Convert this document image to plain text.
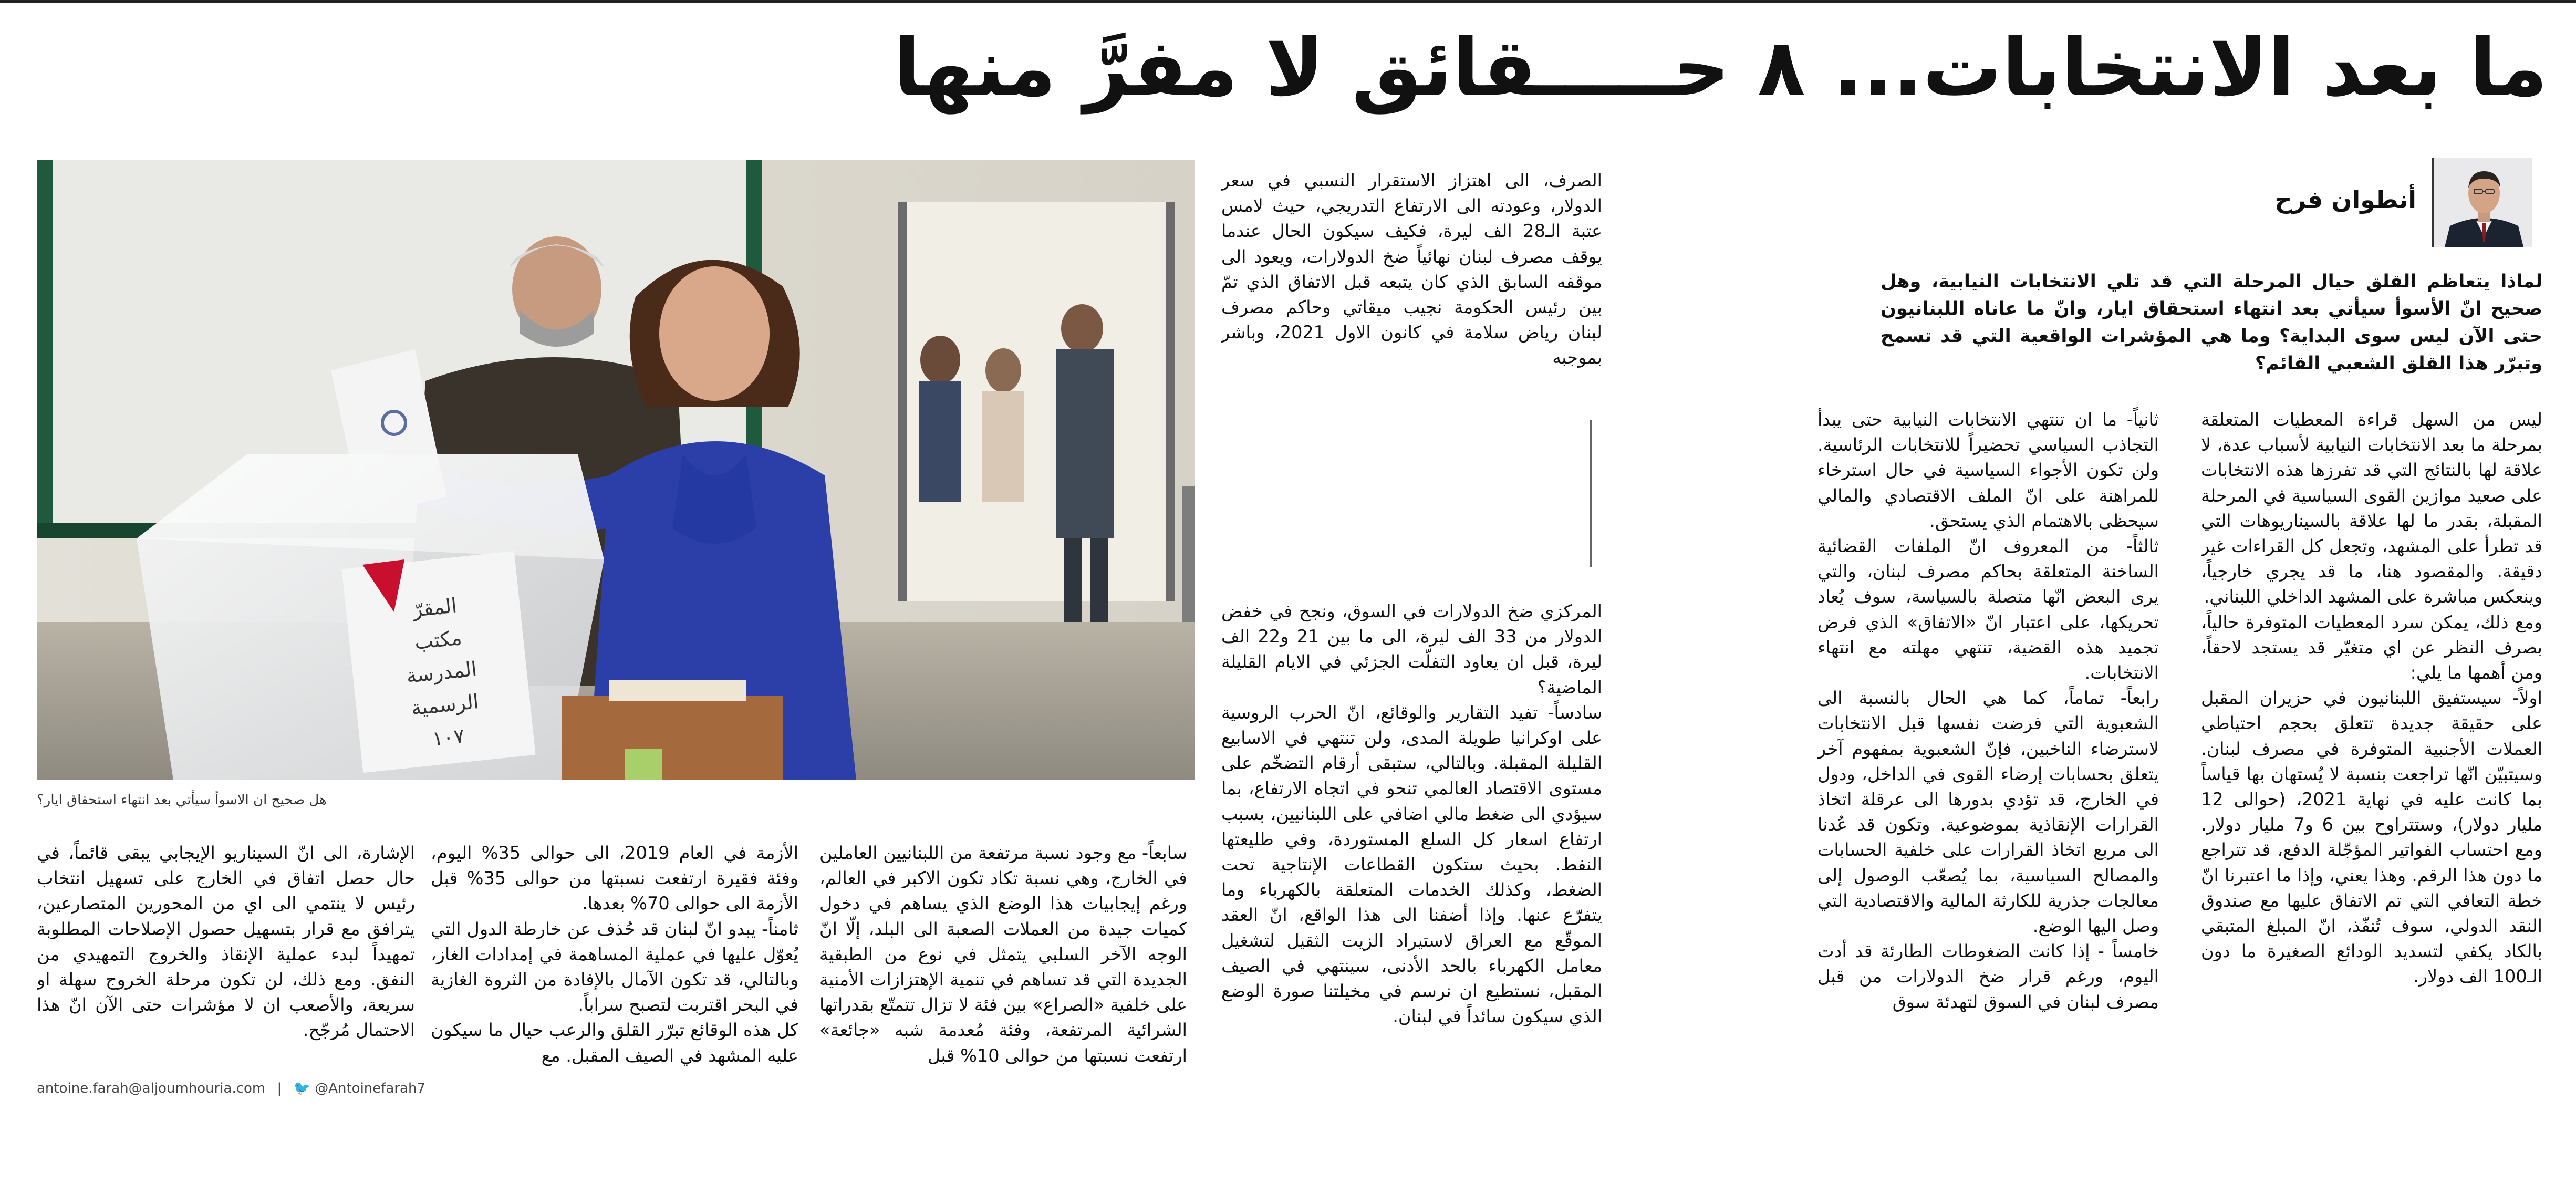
ما بعد الانتخابات... ٨ حـــــقائق لا مفرَّ منها
أنطوان فرح
لماذا يتعاظم القلق حيال المرحلة التي قد تلي الانتخابات النيابية، وهل صحيح انّ الأسوأ سيأتي بعد انتهاء استحقاق ايار، وانّ ما عاناه اللبنانيون حتى الآن ليس سوى البداية؟ وما هي المؤشرات الواقعية التي قد تسمح وتبرّر هذا القلق الشعبي القائم؟

ليس من السهل قراءة المعطيات المتعلقة بمرحلة ما بعد الانتخابات النيابية لأسباب عدة، لا علاقة لها بالنتائج التي قد تفرزها هذه الانتخابات على صعيد موازين القوى السياسية في المرحلة المقبلة، بقدر ما لها علاقة بالسيناريوهات التي قد تطرأ على المشهد، وتجعل كل القراءات غير دقيقة. والمقصود هنا، ما قد يجري خارجياً، وينعكس مباشرة على المشهد الداخلي اللبناني.

ومع ذلك، يمكن سرد المعطيات المتوفرة حالياً، بصرف النظر عن اي متغيّر قد يستجد لاحقاً، ومن أهمها ما يلي:

اولاً- سيستفيق اللبنانيون في حزيران المقبل على حقيقة جديدة تتعلق بحجم احتياطي العملات الأجنبية المتوفرة في مصرف لبنان. وسيتبيّن انّها تراجعت بنسبة لا يُستهان بها قياساً بما كانت عليه في نهاية 2021، (حوالى 12 مليار دولار)، وستتراوح بين 6 و7 مليار دولار. ومع احتساب الفواتير المؤجّلة الدفع، قد تتراجع ما دون هذا الرقم. وهذا يعني، وإذا ما اعتبرنا انّ خطة التعافي التي تم الاتفاق عليها مع صندوق النقد الدولي، سوف تُنفّذ، انّ المبلغ المتبقي بالكاد يكفي لتسديد الودائع الصغيرة ما دون الـ100 الف دولار.

ثانياً- ما ان تنتهي الانتخابات النيابية حتى يبدأ التجاذب السياسي تحضيراً للانتخابات الرئاسية. ولن تكون الأجواء السياسية في حال استرخاء للمراهنة على انّ الملف الاقتصادي والمالي سيحظى بالاهتمام الذي يستحق.

ثالثاً- من المعروف انّ الملفات القضائية الساخنة المتعلقة بحاكم مصرف لبنان، والتي يرى البعض انّها متصلة بالسياسة، سوف يُعاد تحريكها، على اعتبار انّ «الاتفاق» الذي فرض تجميد هذه القضية، تنتهي مهلته مع انتهاء الانتخابات.

رابعاً- تماماً، كما هي الحال بالنسبة الى الشعبوية التي فرضت نفسها قبل الانتخابات لاسترضاء الناخبين، فإنّ الشعبوية بمفهوم آخر يتعلق بحسابات إرضاء القوى في الداخل، ودول في الخارج، قد تؤدي بدورها الى عرقلة اتخاذ القرارات الإنقاذية بموضوعية. وتكون قد عُدنا الى مربع اتخاذ القرارات على خلفية الحسابات والمصالح السياسية، بما يُصعّب الوصول إلى معالجات جذرية للكارثة المالية والاقتصادية التي وصل اليها الوضع.

خامساً - إذا كانت الضغوطات الطارئة قد أدت اليوم، ورغم قرار ضخ الدولارات من قبل مصرف لبنان في السوق لتهدئة سوق

الصرف، الى اهتزاز الاستقرار النسبي في سعر الدولار، وعودته الى الارتفاع التدريجي، حيث لامس عتبة الـ28 الف ليرة، فكيف سيكون الحال عندما يوقف مصرف لبنان نهائياً ضخ الدولارات، ويعود الى موقفه السابق الذي كان يتبعه قبل الاتفاق الذي تمّ بين رئيس الحكومة نجيب ميقاتي وحاكم مصرف لبنان رياض سلامة في كانون الاول 2021، وباشر بموجبه

المركزي ضخ الدولارات في السوق، ونجح في خفض الدولار من 33 الف ليرة، الى ما بين 21 و22 الف ليرة، قبل ان يعاود التفلّت الجزئي في الايام القليلة الماضية؟

سادساً- تفيد التقارير والوقائع، انّ الحرب الروسية على اوكرانيا طويلة المدى، ولن تنتهي في الاسابيع القليلة المقبلة. وبالتالي، ستبقى أرقام التضخّم على مستوى الاقتصاد العالمي تنحو في اتجاه الارتفاع، بما سيؤدي الى ضغط مالي اضافي على اللبنانيين، بسبب ارتفاع اسعار كل السلع المستوردة، وفي طليعتها النفط. بحيث ستكون القطاعات الإنتاجية تحت الضغط، وكذلك الخدمات المتعلقة بالكهرباء وما يتفرّع عنها. وإذا أضفنا الى هذا الواقع، انّ العقد الموقّع مع العراق لاستيراد الزيت الثقيل لتشغيل معامل الكهرباء بالحد الأدنى، سينتهي في الصيف المقبل، نستطيع ان نرسم في مخيلتنا صورة الوضع الذي سيكون سائداً في لبنان.

المقرّ
مكتب
المدرسة الرسمية
١٠٧
هل صحيح ان الاسوأ سيأتي بعد انتهاء استحقاق ايار؟

سابعاً- مع وجود نسبة مرتفعة من اللبنانيين العاملين في الخارج، وهي نسبة تكاد تكون الاكبر في العالم، ورغم إيجابيات هذا الوضع الذي يساهم في دخول كميات جيدة من العملات الصعبة الى البلد، إلّا انّ الوجه الآخر السلبي يتمثل في نوع من الطبقية الجديدة التي قد تساهم في تنمية الإهتزازات الأمنية على خلفية «الصراع» بين فئة لا تزال تتمتّع بقدراتها الشرائية المرتفعة، وفئة مُعدمة شبه «جائعة» ارتفعت نسبتها من حوالى 10% قبل

الأزمة في العام 2019، الى حوالى 35% اليوم، وفئة فقيرة ارتفعت نسبتها من حوالى 35% قبل الأزمة الى حوالى 70% بعدها.

ثامناً- يبدو انّ لبنان قد حُذف عن خارطة الدول التي يُعوّل عليها في عملية المساهمة في إمدادات الغاز، وبالتالي، قد تكون الآمال بالإفادة من الثروة الغازية في البحر اقتربت لتصبح سراباً.

كل هذه الوقائع تبرّر القلق والرعب حيال ما سيكون عليه المشهد في الصيف المقبل. مع

الإشارة، الى انّ السيناريو الإيجابي يبقى قائماً، في حال حصل اتفاق في الخارج على تسهيل انتخاب رئيس لا ينتمي الى اي من المحورين المتصارعين، يترافق مع قرار بتسهيل حصول الإصلاحات المطلوبة تمهيداً لبدء عملية الإنقاذ والخروج التمهيدي من النفق. ومع ذلك، لن تكون مرحلة الخروج سهلة او سريعة، والأصعب ان لا مؤشرات حتى الآن انّ هذا الاحتمال مُرجّح.

antoine.farah@aljoumhouria.com | 🐦 @Antoinefarah7
